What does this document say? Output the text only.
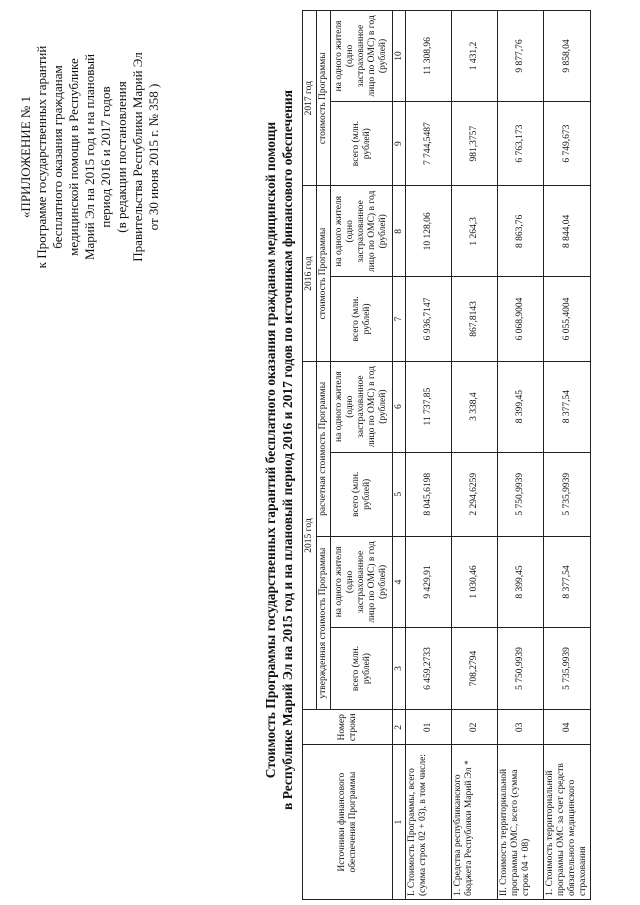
«ПРИЛОЖЕНИЕ № 1 к Программе государственных гарантий бесплатного оказания гражданам медицинской помощи в Республике Марий Эл на 2015 год и на плановый период 2016 и 2017 годов (в редакции постановления Правительства Республики Марий Эл от 30 июня 2015 г. № 358 )	Стоимость Программы государственных гарантий бесплатного оказания гражданам медицинской помощи в Республике Марий Эл на 2015 год и на плановый период 2016 и 2017 годов по источникам финансового обеспечения
Источники финансового обеспечения Программы	Номер строки	2015 год				2016 год		2017 год	
		утвержденная стоимость Программы		расчетная стоимость Программы		стоимость Программы		стоимость Программы	
		всего (млн. рублей)	на одного жителя (одно застрахованное лицо по ОМС) в год (рублей)	всего (млн. рублей)	на одного жителя (одно застрахованное лицо по ОМС) в год (рублей)	всего (млн. рублей)	на одного жителя (одно застрахованное лицо по ОМС) в год (рублей)	всего (млн. рублей)	на одного жителя (одно застрахованное лицо по ОМС) в год (рублей)
1	2	3	4	5	6	7	8	9	10
I. Стоимость Программы, всего (сумма строк 02 + 03), в том числе:	01	6 459,2733	9 429,91	8 045,6198	11 737,85	6 936,7147	10 128,06	7 744,5487	11 308,96
1. Средства республиканского бюджета Республики Марий Эл *	02	708,2794	1 030,46	2 294,6259	3 338,4	867,8143	1 264,3	981,3757	1 431,2
II. Стоимость территориальной программы ОМС, всего (сумма строк 04 + 08)	03	5 750,9939	8 399,45	5 750,9939	8 399,45	6 068,9004	8 863,76	6 763,173	9 877,76
1. Стоимость территориальной программы ОМС за счет средств обязательного медицинского страхования	04	5 735,9939	8 377,54	5 735,9939	8 377,54	6 055,4004	8 844,04	6 749,673	9 858,04
